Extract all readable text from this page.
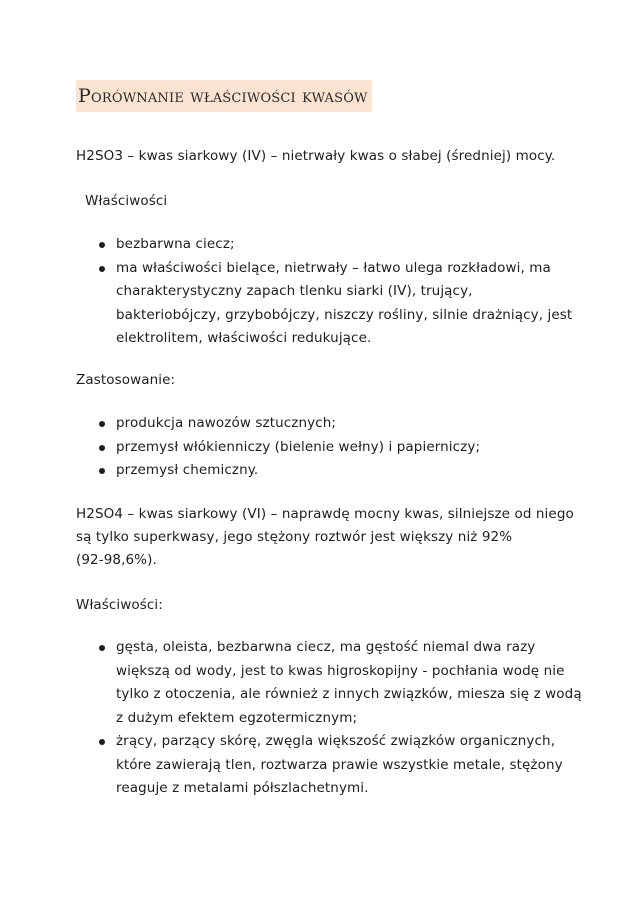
Porównanie właściwości kwasów
H2SO3 – kwas siarkowy (IV) – nietrwały kwas o słabej (średniej) mocy.
Właściwości
bezbarwna ciecz;
ma właściwości bielące, nietrwały – łatwo ulega rozkładowi, ma
charakterystyczny zapach tlenku siarki (IV), trujący,
bakteriobójczy, grzybobójczy, niszczy rośliny, silnie drażniący, jest
elektrolitem, właściwości redukujące.
Zastosowanie:
produkcja nawozów sztucznych;
przemysł włókienniczy (bielenie wełny) i papierniczy;
przemysł chemiczny.
H2SO4 – kwas siarkowy (VI) – naprawdę mocny kwas, silniejsze od niego
są tylko superkwasy, jego stężony roztwór jest większy niż 92%
(92-98,6%).
Właściwości:
gęsta, oleista, bezbarwna ciecz, ma gęstość niemal dwa razy
większą od wody, jest to kwas higroskopijny - pochłania wodę nie
tylko z otoczenia, ale również z innych związków, miesza się z wodą
z dużym efektem egzotermicznym;
żrący, parzący skórę, zwęgla większość związków organicznych,
które zawierają tlen, roztwarza prawie wszystkie metale, stężony
reaguje z metalami półszlachetnymi.
